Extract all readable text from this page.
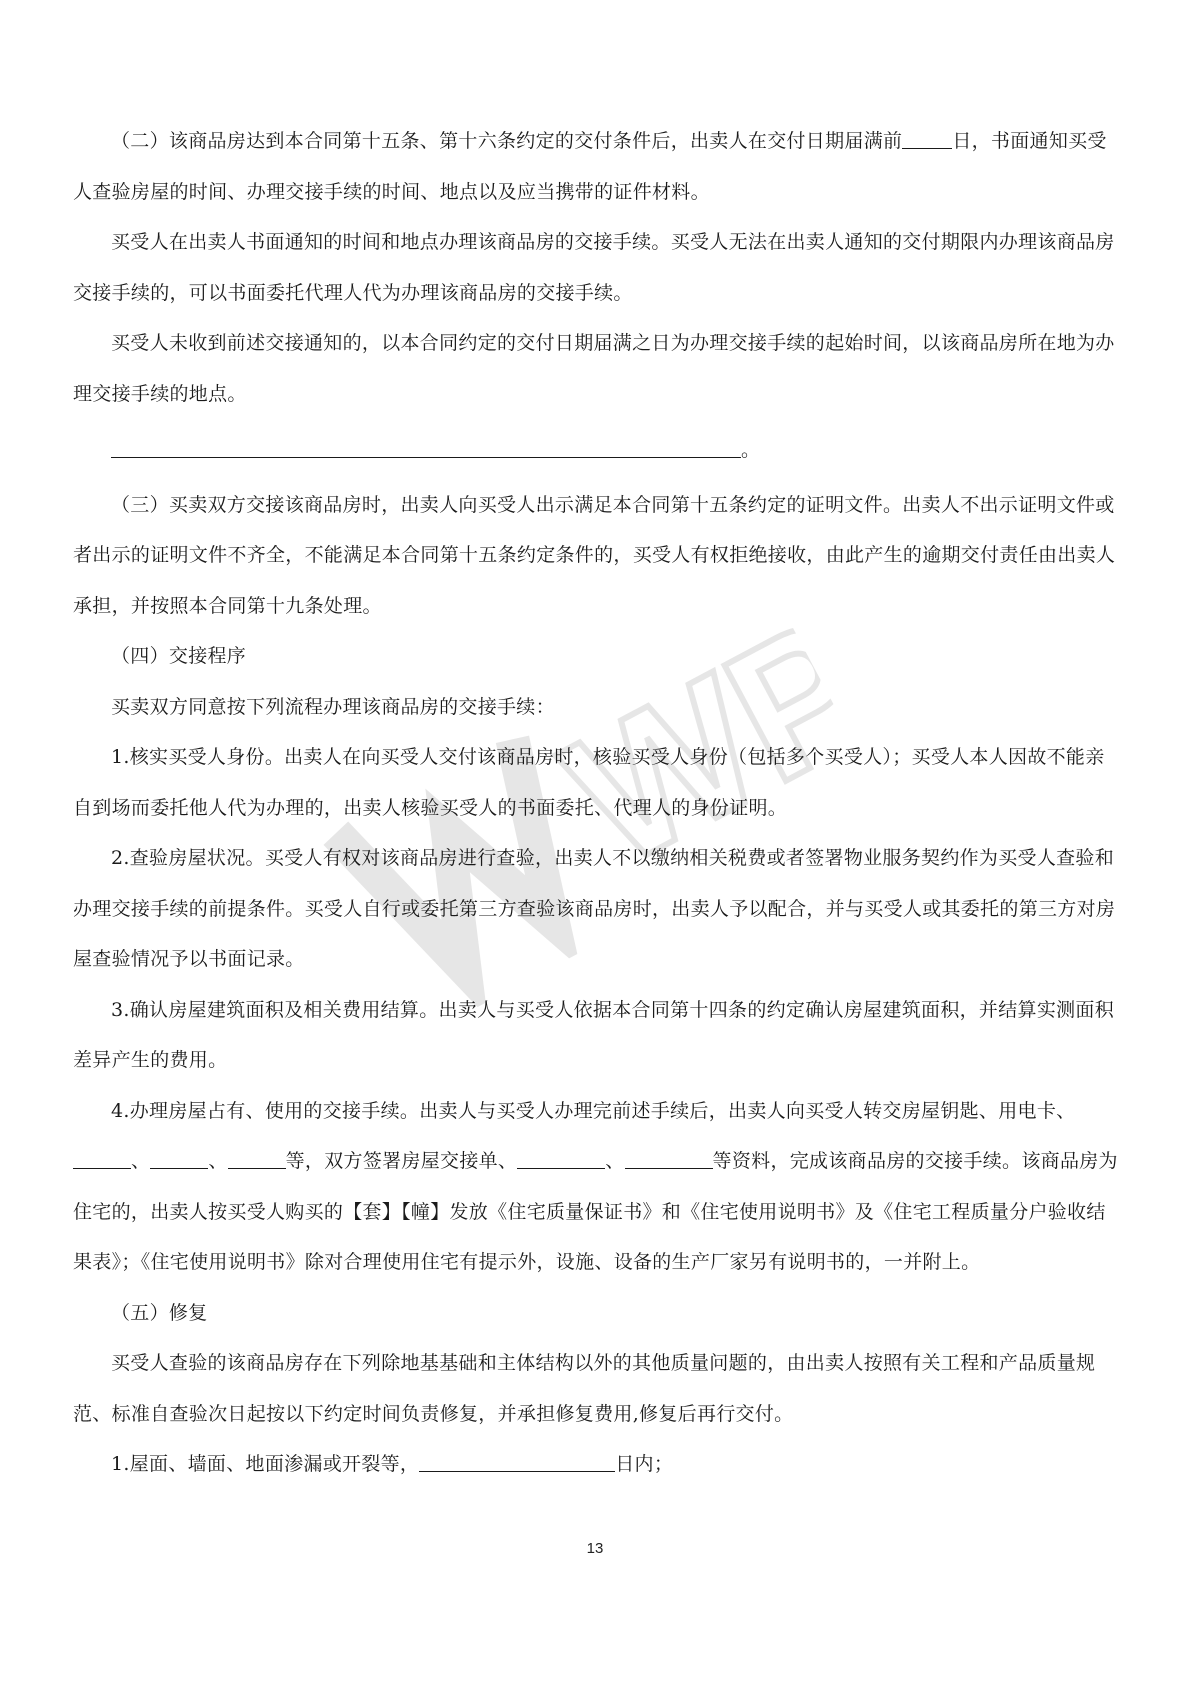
WPS

（二）该商品房达到本合同第十五条、第十六条约定的交付条件后，出卖人在交付日期届满前	日，书面通知买受人查验房屋的时间、办理交接手续的时间、地点以及应当携带的证件材料。

买受人在出卖人书面通知的时间和地点办理该商品房的交接手续。买受人无法在出卖人通知的交付期限内办理该商品房交接手续的，可以书面委托代理人代为办理该商品房的交接手续。

买受人未收到前述交接通知的，以本合同约定的交付日期届满之日为办理交接手续的起始时间，以该商品房所在地为办理交接手续的地点。

。

（三）买卖双方交接该商品房时，出卖人向买受人出示满足本合同第十五条约定的证明文件。出卖人不出示证明文件或者出示的证明文件不齐全，不能满足本合同第十五条约定条件的，买受人有权拒绝接收，由此产生的逾期交付责任由出卖人承担，并按照本合同第十九条处理。

（四）交接程序

买卖双方同意按下列流程办理该商品房的交接手续：

1.核实买受人身份。出卖人在向买受人交付该商品房时，核验买受人身份（包括多个买受人）；买受人本人因故不能亲自到场而委托他人代为办理的，出卖人核验买受人的书面委托、代理人的身份证明。

2.查验房屋状况。买受人有权对该商品房进行查验，出卖人不以缴纳相关税费或者签署物业服务契约作为买受人查验和办理交接手续的前提条件。买受人自行或委托第三方查验该商品房时，出卖人予以配合，并与买受人或其委托的第三方对房屋查验情况予以书面记录。

3.确认房屋建筑面积及相关费用结算。出卖人与买受人依据本合同第十四条的约定确认房屋建筑面积，并结算实测面积差异产生的费用。

4.办理房屋占有、使用的交接手续。出卖人与买受人办理完前述手续后，出卖人向买受人转交房屋钥匙、用电卡、、	、	等，双方签署房屋交接单、	、	等资料，完成该商品房的交接手续。该商品房为住宅的，出卖人按买受人购买的【套】【幢】发放《住宅质量保证书》和《住宅使用说明书》及《住宅工程质量分户验收结果表》；《住宅使用说明书》除对合理使用住宅有提示外，设施、设备的生产厂家另有说明书的，一并附上。

（五）修复

买受人查验的该商品房存在下列除地基基础和主体结构以外的其他质量问题的，由出卖人按照有关工程和产品质量规范、标准自查验次日起按以下约定时间负责修复，并承担修复费用,修复后再行交付。

1.屋面、墙面、地面渗漏或开裂等，	日内；

13
